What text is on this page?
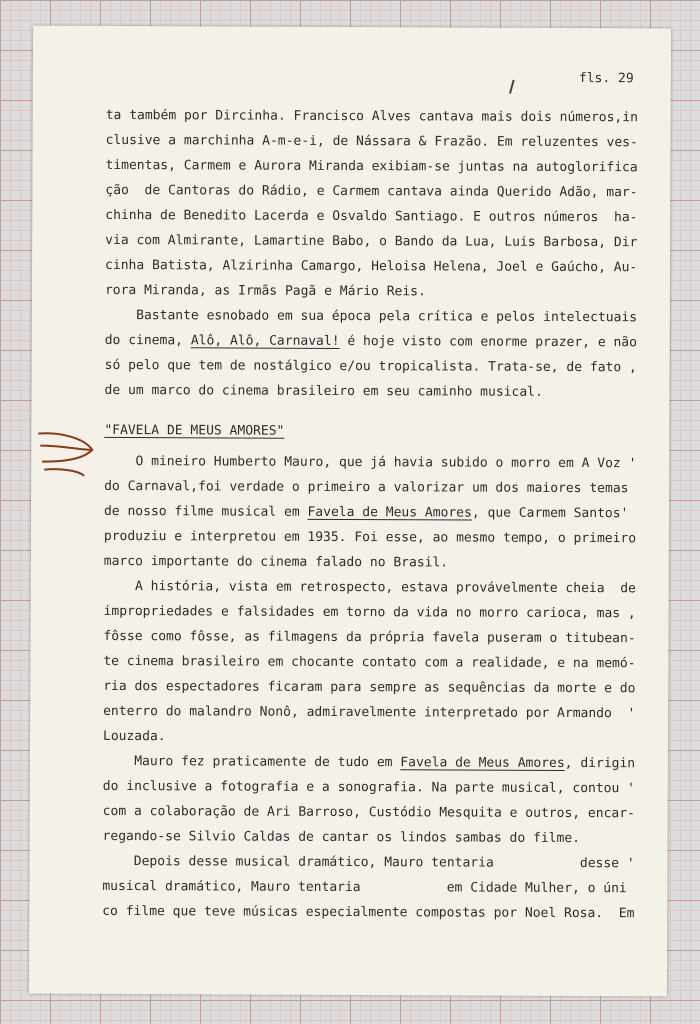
fls. 29
ta também por Dircinha. Francisco Alves cantava mais dois números,in
clusive a marchinha A-m-e-i, de Nássara & Frazão. Em reluzentes ves-
timentas, Carmem e Aurora Miranda exibiam-se juntas na autoglorifica
ção  de Cantoras do Rádio, e Carmem cantava ainda Querido Adão, mar-
chinha de Benedito Lacerda e Osvaldo Santiago. E outros números  ha-
via com Almirante, Lamartine Babo, o Bando da Lua, Luis Barbosa, Dir
cinha Batista, Alzirinha Camargo, Heloisa Helena, Joel e Gaúcho, Au-
rora Miranda, as Irmãs Pagã e Mário Reis.
Bastante esnobado em sua época pela crítica e pelos intelectuais
do cinema, Alô, Alô, Carnaval! é hoje visto com enorme prazer, e não
só pelo que tem de nostálgico e/ou tropicalista. Trata-se, de fato ,
de um marco do cinema brasileiro em seu caminho musical.
"FAVELA DE MEUS AMORES"
O mineiro Humberto Mauro, que já havia subido o morro em A Voz '
do Carnaval,foi verdade o primeiro a valorizar um dos maiores temas
de nosso filme musical em Favela de Meus Amores, que Carmem Santos'
produziu e interpretou em 1935. Foi esse, ao mesmo tempo, o primeiro
marco importante do cinema falado no Brasil.
A história, vista em retrospecto, estava provávelmente cheia  de
impropriedades e falsidades em torno da vida no morro carioca, mas ,
fôsse como fôsse, as filmagens da própria favela puseram o titubean-
te cinema brasileiro em chocante contato com a realidade, e na memó-
ria dos espectadores ficaram para sempre as sequências da morte e do
enterro do malandro Nonô, admiravelmente interpretado por Armando  '
Louzada.
Mauro fez praticamente de tudo em Favela de Meus Amores, dirigin
do inclusive a fotografia e a sonografia. Na parte musical, contou '
com a colaboração de Ari Barroso, Custódio Mesquita e outros, encar-
regando-se Silvio Caldas de cantar os lindos sambas do filme.
Depois desse musical dramático, Mauro tentaria           desse '
musical dramático, Mauro tentaria           em Cidade Mulher, o úni
co filme que teve músicas especialmente compostas por Noel Rosa.  Em
